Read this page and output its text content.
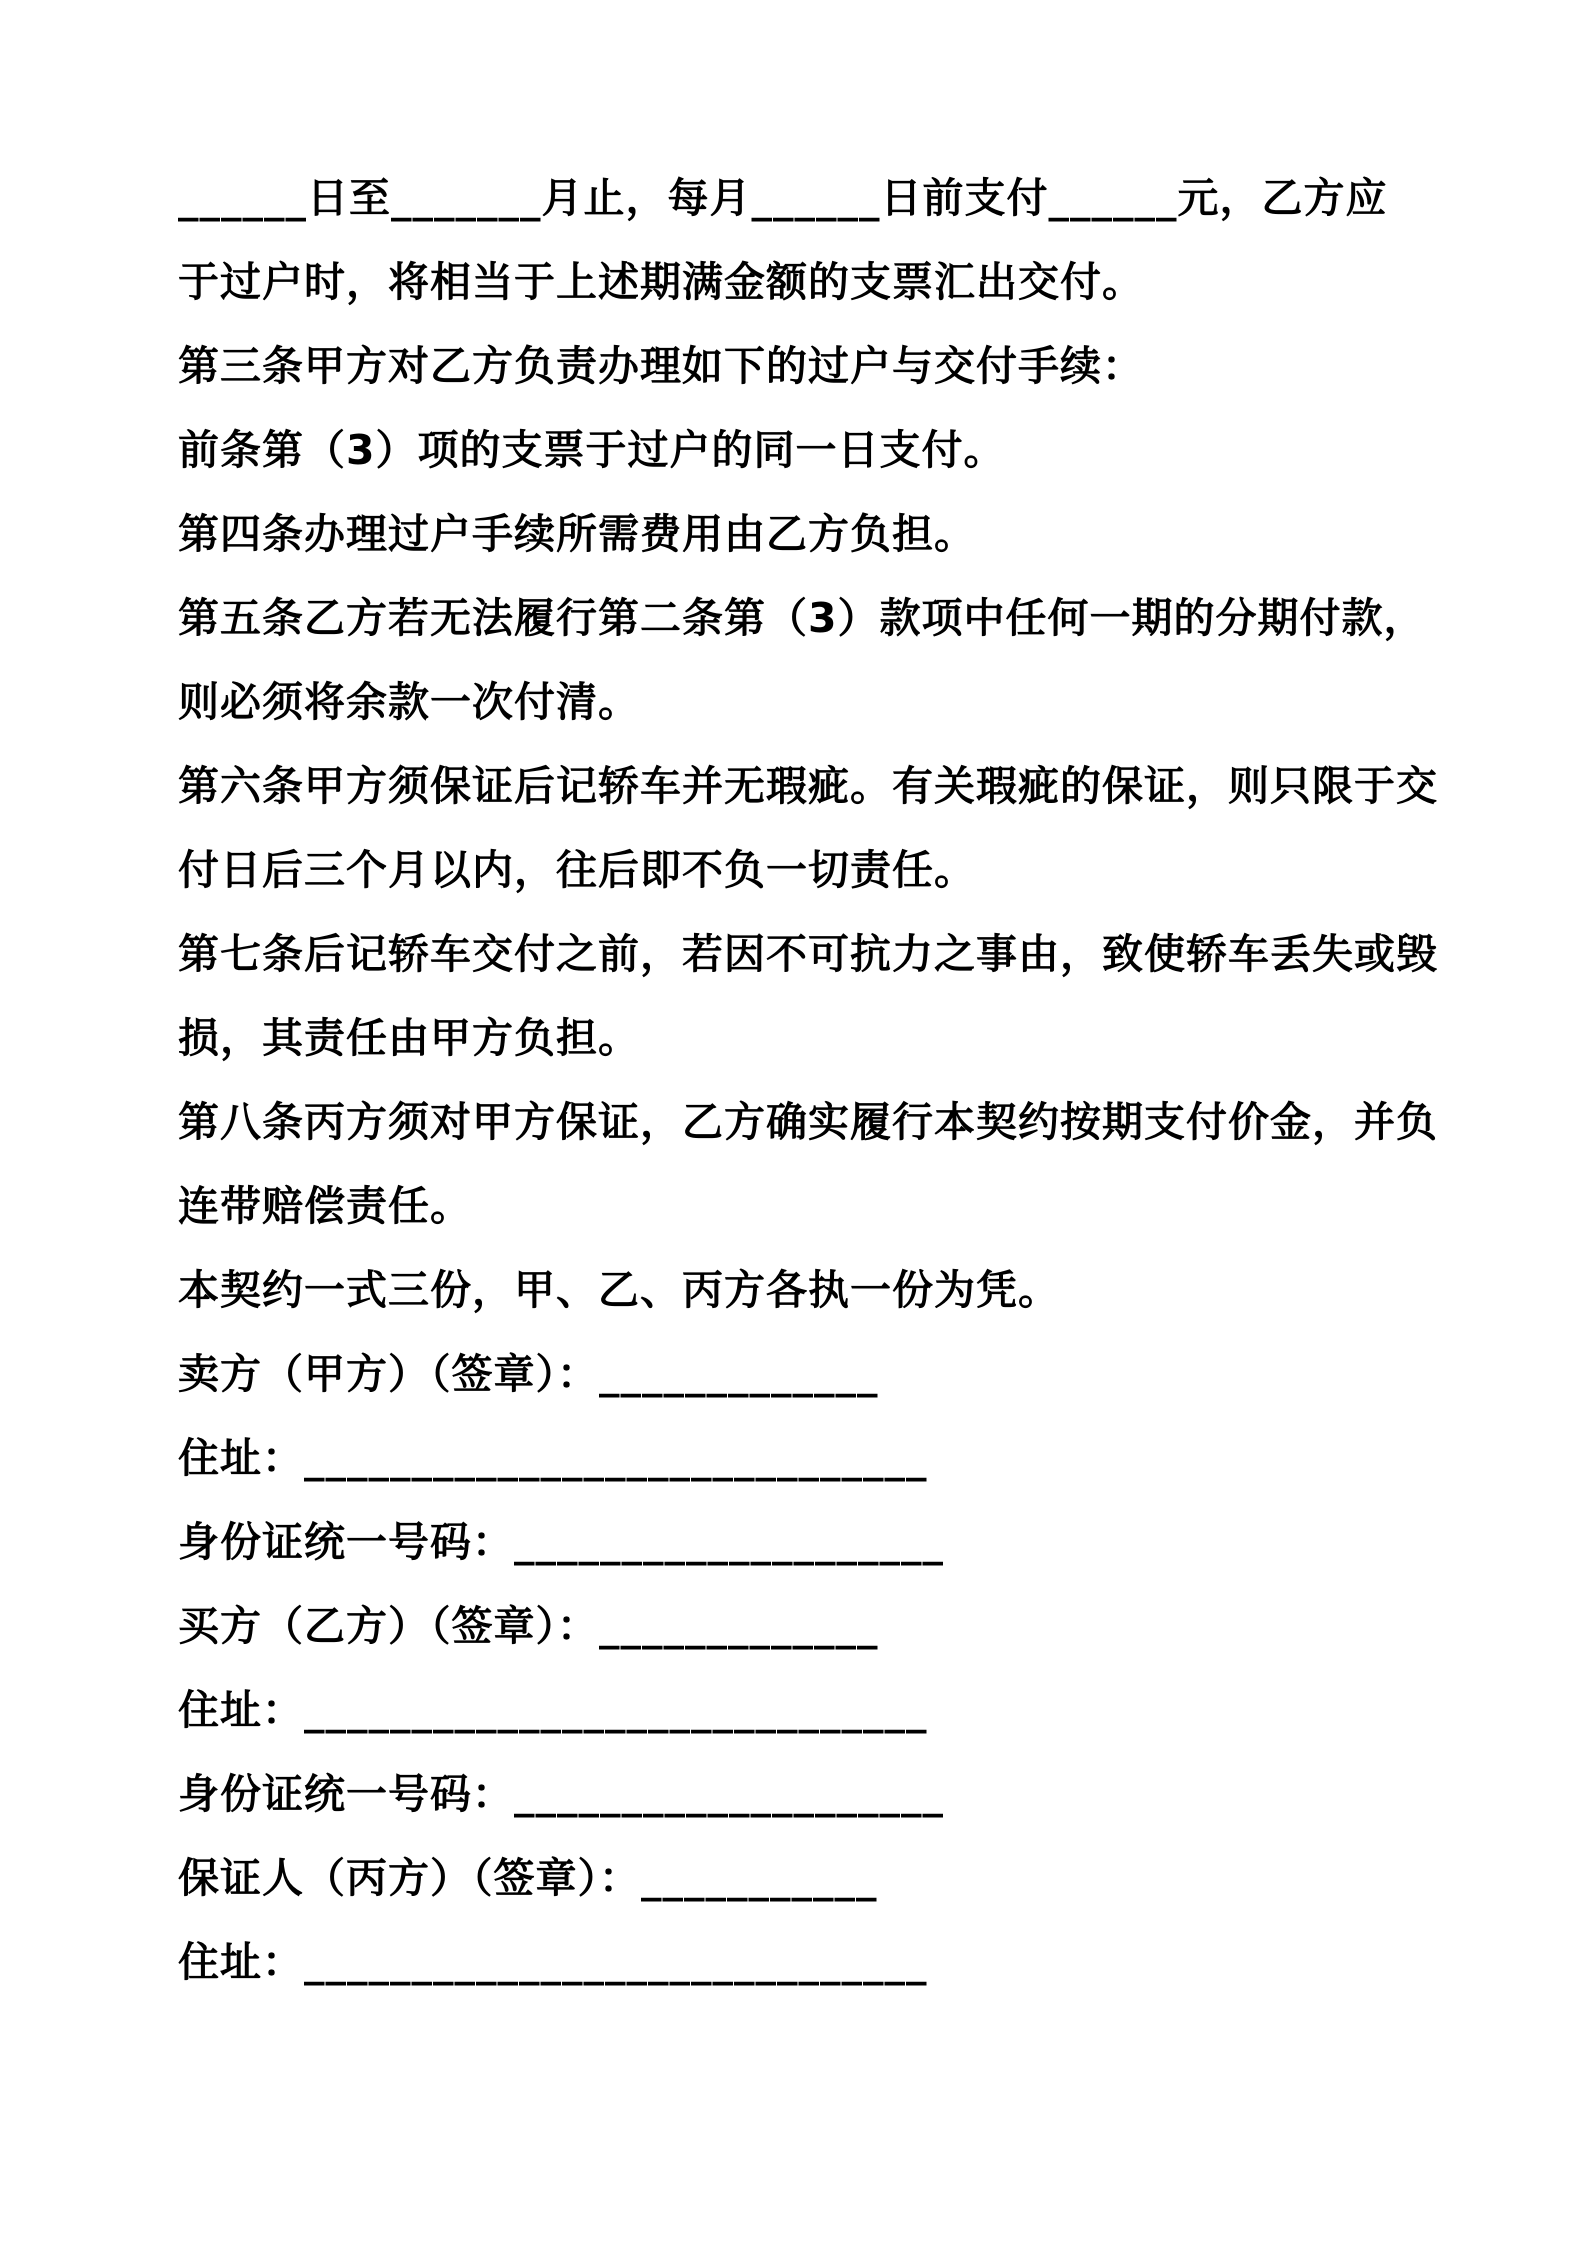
______日至_______月止，每月______日前支付______元，乙方应
于过户时，将相当于上述期满金额的支票汇出交付。
第三条甲方对乙方负责办理如下的过户与交付手续：
前条第（3）项的支票于过户的同一日支付。
第四条办理过户手续所需费用由乙方负担。
第五条乙方若无法履行第二条第（3）款项中任何一期的分期付款，
则必须将余款一次付清。
第六条甲方须保证后记轿车并无瑕疵。有关瑕疵的保证，则只限于交
付日后三个月以内，往后即不负一切责任。
第七条后记轿车交付之前，若因不可抗力之事由，致使轿车丢失或毁
损，其责任由甲方负担。
第八条丙方须对甲方保证，乙方确实履行本契约按期支付价金，并负
连带赔偿责任。
本契约一式三份，甲、乙、丙方各执一份为凭。
卖方（甲方）（签章）：_____________
住址：_____________________________
身份证统一号码：____________________
买方（乙方）（签章）：_____________
住址：_____________________________
身份证统一号码：____________________
保证人（丙方）（签章）：___________
住址：_____________________________
